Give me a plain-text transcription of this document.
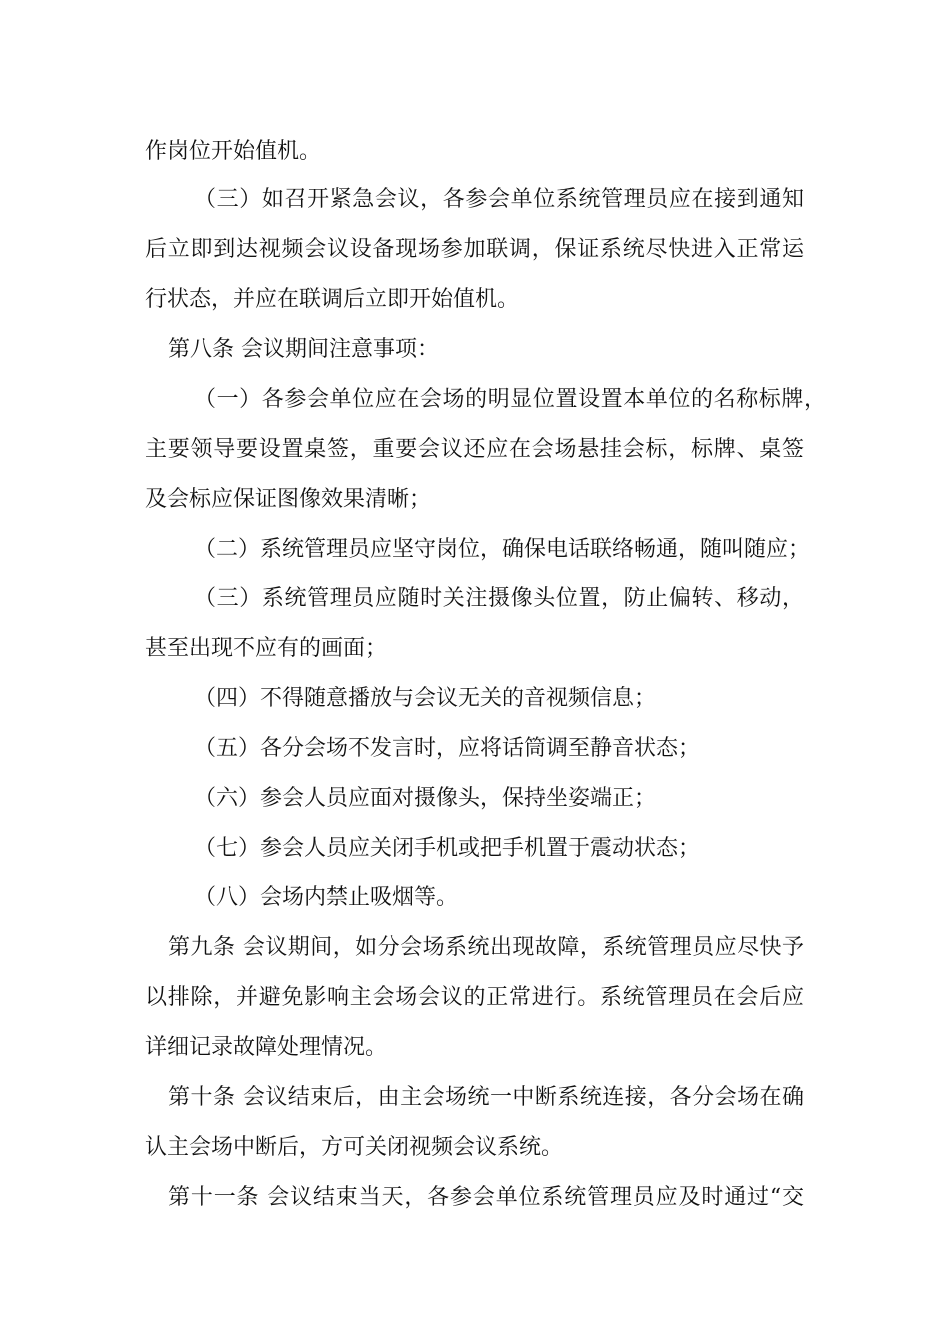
作岗位开始值机。
（三）如召开紧急会议，各参会单位系统管理员应在接到通知
后立即到达视频会议设备现场参加联调，保证系统尽快进入正常运
行状态，并应在联调后立即开始值机。
第八条 会议期间注意事项：
（一）各参会单位应在会场的明显位置设置本单位的名称标牌，
主要领导要设置桌签，重要会议还应在会场悬挂会标，标牌、桌签
及会标应保证图像效果清晰；
（二）系统管理员应坚守岗位，确保电话联络畅通，随叫随应；
（三）系统管理员应随时关注摄像头位置，防止偏转、移动，
甚至出现不应有的画面；
（四）不得随意播放与会议无关的音视频信息；
（五）各分会场不发言时，应将话筒调至静音状态；
（六）参会人员应面对摄像头，保持坐姿端正；
（七）参会人员应关闭手机或把手机置于震动状态；
（八）会场内禁止吸烟等。
第九条 会议期间，如分会场系统出现故障，系统管理员应尽快予
以排除，并避免影响主会场会议的正常进行。系统管理员在会后应
详细记录故障处理情况。
第十条 会议结束后，由主会场统一中断系统连接，各分会场在确
认主会场中断后，方可关闭视频会议系统。
第十一条 会议结束当天，各参会单位系统管理员应及时通过“交
